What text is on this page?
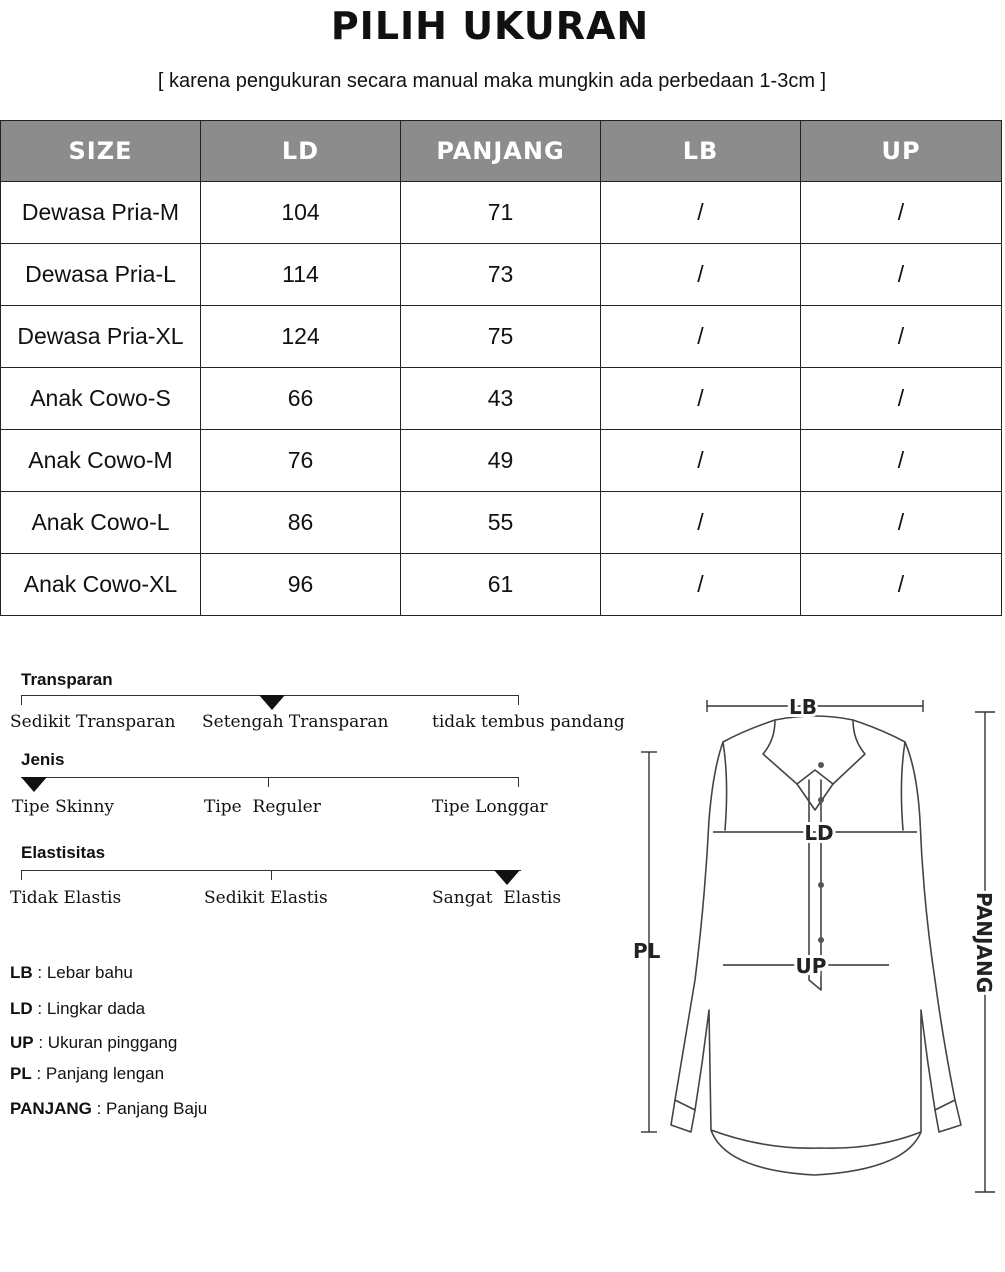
PILIH UKURAN
[ karena pengukuran secara manual maka mungkin ada perbedaan 1-3cm ]
SIZE	LD	PANJANG	LB	UP
Dewasa Pria-M	104	71	/	/
Dewasa Pria-L	114	73	/	/
Dewasa Pria-XL	124	75	/	/
Anak Cowo-S	66	43	/	/
Anak Cowo-M	76	49	/	/
Anak Cowo-L	86	55	/	/
Anak Cowo-XL	96	61	/	/
Transparan
Sedikit Transparan Setengah Transparan	tidak tembus pandang
Jenis
Tipe Skinny	Tipe  Reguler	Tipe Longgar
Elastisitas
Tidak Elastis	Sedikit Elastis	Sangat  Elastis
LB : Lebar bahu
LD : Lingkar dada
UP : Ukuran pinggang
PL : Panjang lengan
PANJANG : Panjang Baju
LB
LD
UP
PL	PANJANG
